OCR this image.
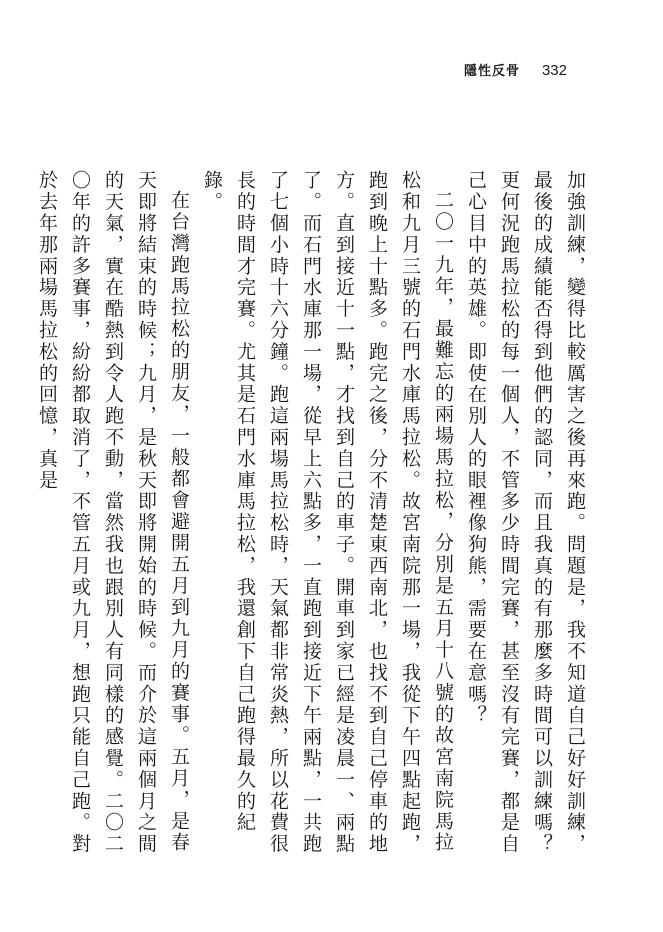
隱性反骨 332

加強訓練，變得比較厲害之後再來跑。問題是，我不知道自己好好訓練，最後的成績能否得到他們的認同，而且我真的有那麼多時間可以訓練嗎？更何況跑馬拉松的每一個人，不管多少時間完賽，甚至沒有完賽，都是自己心目中的英雄。即使在別人的眼裡像狗熊，需要在意嗎？

二〇一九年，最難忘的兩場馬拉松，分別是五月十八號的故宮南院馬拉松和九月三號的石門水庫馬拉松。故宮南院那一場，我從下午四點起跑，跑到晚上十點多。跑完之後，分不清楚東西南北，也找不到自己停車的地方。直到接近十一點，才找到自己的車子。開車到家已經是凌晨一、兩點了。而石門水庫那一場，從早上六點多，一直跑到接近下午兩點，一共跑了七個小時十六分鐘。跑這兩場馬拉松時，天氣都非常炎熱，所以花費很長的時間才完賽。尤其是石門水庫馬拉松，我還創下自己跑得最久的紀錄。

在台灣跑馬拉松的朋友，一般都會避開五月到九月的賽事。五月，是春天即將結束的時候；九月，是秋天即將開始的時候。而介於這兩個月之間的天氣，實在酷熱到令人跑不動，當然我也跟別人有同樣的感覺。二〇二〇年的許多賽事，紛紛都取消了，不管五月或九月，想跑只能自己跑。對於去年那兩場馬拉松的回憶，真是
